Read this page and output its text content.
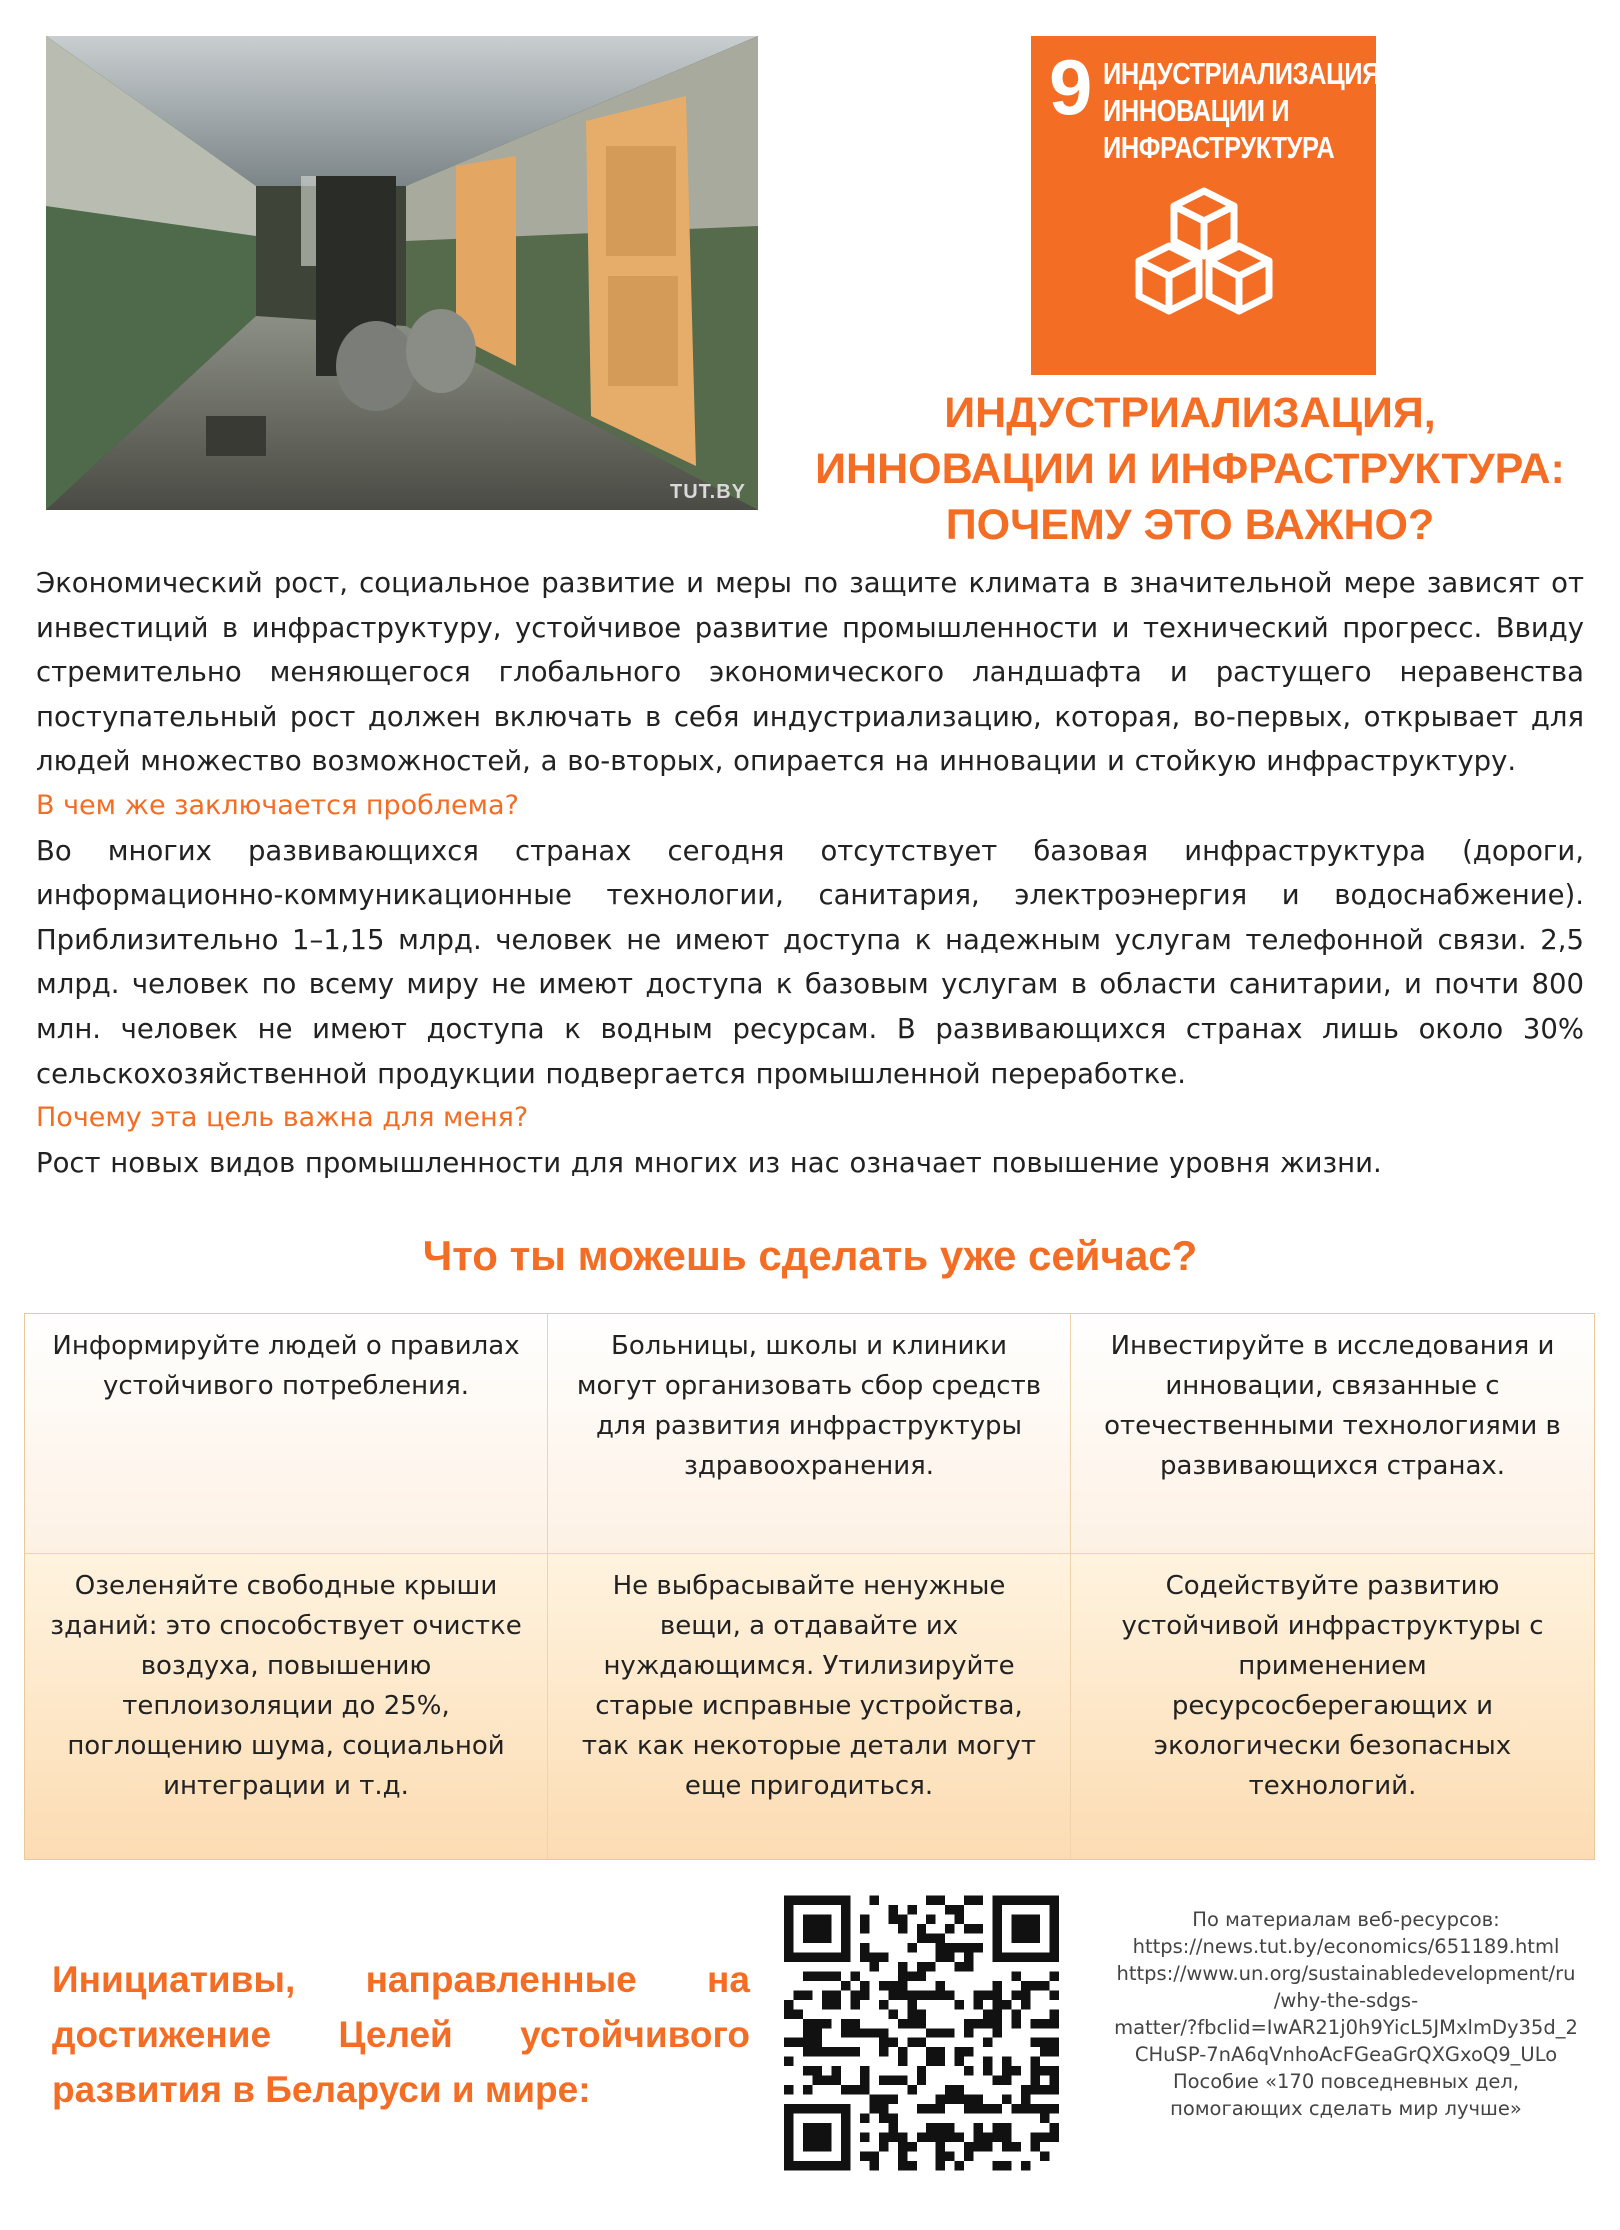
TUT.BY
9 ИНДУСТРИАЛИЗАЦИЯ,
ИННОВАЦИИ И
ИНФРАСТРУКТУРА
ИНДУСТРИАЛИЗАЦИЯ,
ИННОВАЦИИ И ИНФРАСТРУКТУРА:
ПОЧЕМУ ЭТО ВАЖНО?

Экономический рост, социальное развитие и меры по защите климата в значительной мере зависят от инвестиций в инфраструктуру, устойчивое развитие промышленности и технический прогресс. Ввиду стремительно меняющегося глобального экономического ландшафта и растущего неравенства поступательный рост должен включать в себя индустриализацию, которая, во-первых, открывает для людей множество возможностей, а во-вторых, опирается на инновации и стойкую инфраструктуру.

В чем же заключается проблема?

Во многих развивающихся странах сегодня отсутствует базовая инфраструктура (дороги, информационно-коммуникационные технологии, санитария, электроэнергия и водоснабжение). Приблизительно 1–1,15 млрд. человек не имеют доступа к надежным услугам телефонной связи. 2,5 млрд. человек по всему миру не имеют доступа к базовым услугам в области санитарии, и почти 800 млн. человек не имеют доступа к водным ресурсам. В развивающихся странах лишь около 30% сельскохозяйственной продукции подвергается промышленной переработке.

Почему эта цель важна для меня?

Рост новых видов промышленности для многих из нас означает повышение уровня жизни.

Что ты можешь сделать уже сейчас?
Информируйте людей о правилах устойчивого потребления.
Больницы, школы и клиники могут организовать сбор средств для развития инфраструктуры здравоохранения.
Инвестируйте в исследования и инновации, связанные с отечественными технологиями в развивающихся странах.
Озеленяйте свободные крыши зданий: это способствует очистке воздуха, повышению теплоизоляции до 25%, поглощению шума, социальной интеграции и т.д.
Не выбрасывайте ненужные вещи, а отдавайте их нуждающимся. Утилизируйте старые исправные устройства, так как некоторые детали могут еще пригодиться.
Содействуйте развитию устойчивой инфраструктуры с применением ресурсосберегающих и экологически безопасных технологий.
Инициативы, направленные на
достижение Целей устойчивого
развития в Беларуси и мире:
По материалам веб-ресурсов:
https://news.tut.by/economics/651189.html
https://www.un.org/sustainabledevelopment/ru
/why-the-sdgs-
matter/?fbclid=IwAR21j0h9YicL5JMxlmDy35d_2
CHuSP-7nA6qVnhoAcFGeaGrQXGxoQ9_ULo
Пособие «170 повседневных дел,
помогающих сделать мир лучше»
